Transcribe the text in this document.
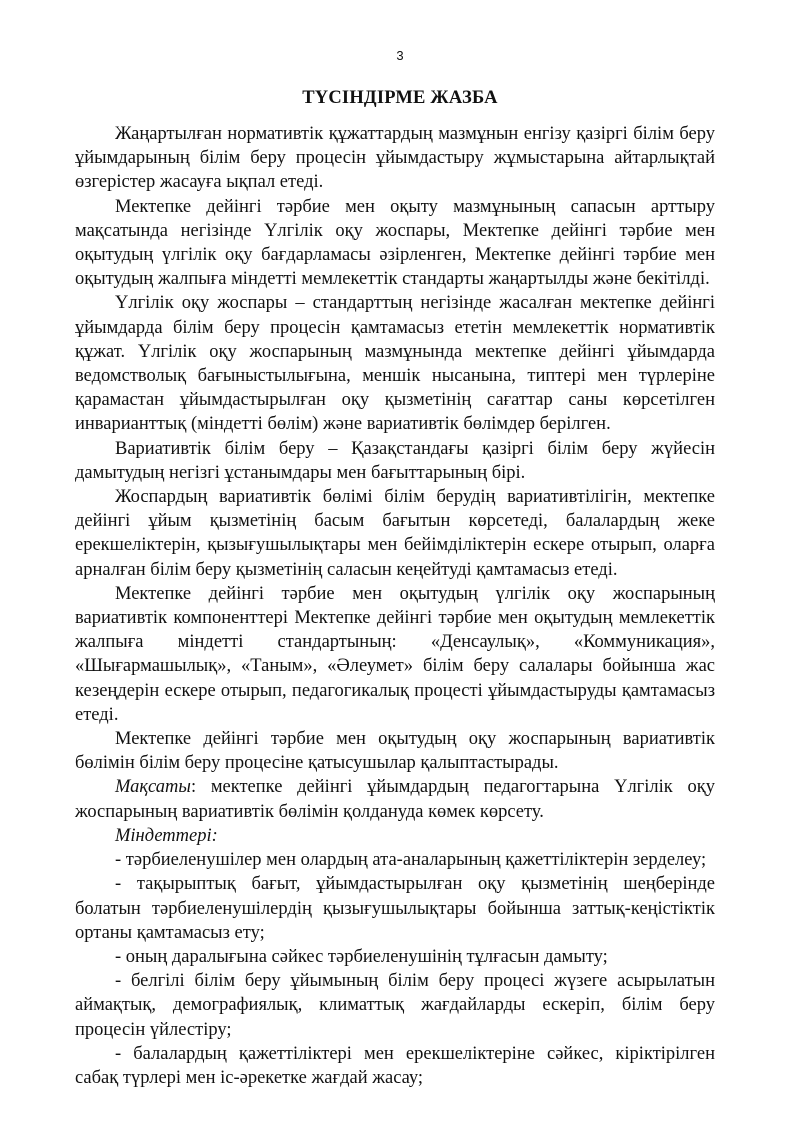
3
ТҮСІНДІРМЕ ЖАЗБА

Жаңартылған нормативтік құжаттардың мазмұнын енгізу қазіргі білім беру ұйымдарының білім беру процесін ұйымдастыру жұмыстарына айтарлықтай өзгерістер жасауға ықпал етеді.

Мектепке дейінгі тәрбие мен оқыту мазмұнының сапасын арттыру мақсатында негізінде Үлгілік оқу жоспары, Мектепке дейінгі тәрбие мен оқытудың үлгілік оқу бағдарламасы әзірленген, Мектепке дейінгі тәрбие мен оқытудың жалпыға міндетті мемлекеттік стандарты жаңартылды және бекітілді.

Үлгілік оқу жоспары – стандарттың негізінде жасалған мектепке дейінгі ұйымдарда білім беру процесін қамтамасыз ететін мемлекеттік нормативтік құжат. Үлгілік оқу жоспарының мазмұнында мектепке дейінгі ұйымдарда ведомстволық бағыныстылығына, меншік нысанына, типтері мен түрлеріне қарамастан ұйымдастырылған оқу қызметінің сағаттар саны көрсетілген инварианттық (міндетті бөлім) және вариативтік бөлімдер берілген.

Вариативтік білім беру – Қазақстандағы қазіргі білім беру жүйесін дамытудың негізгі ұстанымдары мен бағыттарының бірі.

Жоспардың вариативтік бөлімі білім берудің вариативтілігін, мектепке дейінгі ұйым қызметінің басым бағытын көрсетеді, балалардың жеке ерекшеліктерін, қызығушылықтары мен бейімділіктерін ескере отырып, оларға арналған білім беру қызметінің саласын кеңейтуді қамтамасыз етеді.

Мектепке дейінгі тәрбие мен оқытудың үлгілік оқу жоспарының вариативтік компоненттері Мектепке дейінгі тәрбие мен оқытудың мемлекеттік жалпыға міндетті стандартының: «Денсаулық», «Коммуникация», «Шығармашылық», «Таным», «Әлеумет» білім беру салалары бойынша жас кезеңдерін ескере отырып, педагогикалық процесті ұйымдастыруды қамтамасыз етеді.

Мектепке дейінгі тәрбие мен оқытудың оқу жоспарының вариативтік бөлімін білім беру процесіне қатысушылар қалыптастырады.

Мақсаты: мектепке дейінгі ұйымдардың педагогтарына Үлгілік оқу жоспарының вариативтік бөлімін қолдануда көмек көрсету.

Міндеттері:

- тәрбиеленушілер мен олардың ата-аналарының қажеттіліктерін зерделеу;

- тақырыптық бағыт, ұйымдастырылған оқу қызметінің шеңберінде болатын тәрбиеленушілердің қызығушылықтары бойынша заттық-кеңістіктік ортаны қамтамасыз ету;

- оның даралығына сәйкес тәрбиеленушінің тұлғасын дамыту;

- белгілі білім беру ұйымының білім беру процесі жүзеге асырылатын аймақтық, демографиялық, климаттық жағдайларды ескеріп, білім беру процесін үйлестіру;

- балалардың қажеттіліктері мен ерекшеліктеріне сәйкес, кіріктірілген сабақ түрлері мен іс-әрекетке жағдай жасау;
